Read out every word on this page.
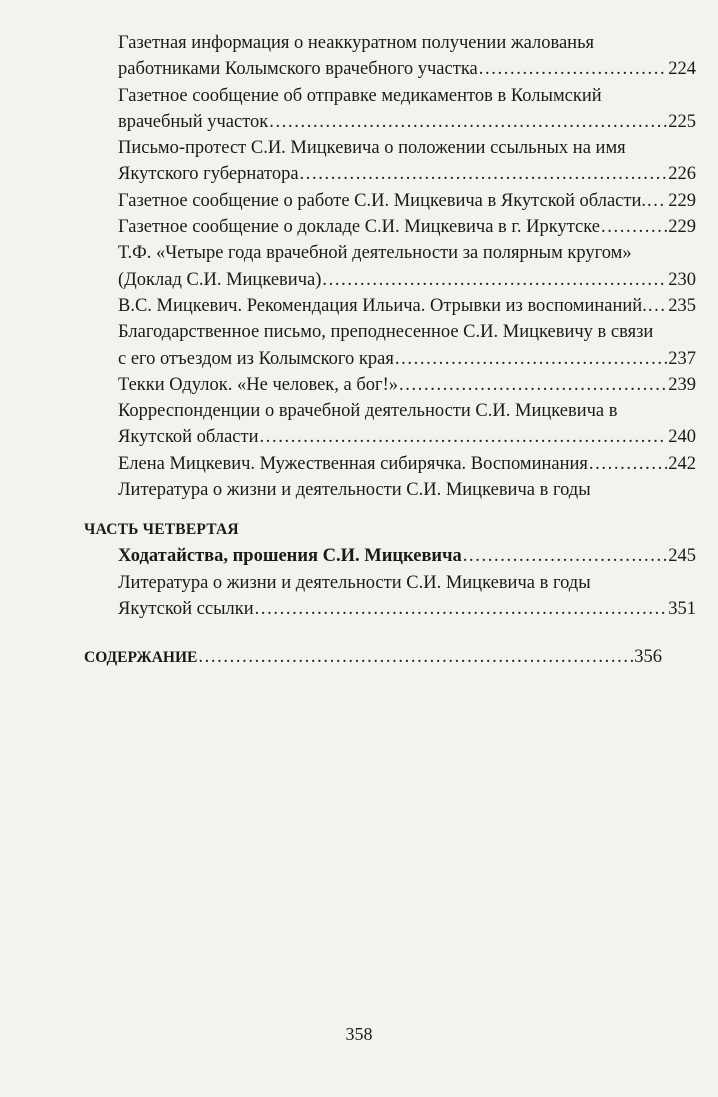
Газетная информация о неаккуратном получении жалованья
работниками Колымского врачебного участка . . .	224
Газетное сообщение об отправке медикаментов в Колымский
врачебный участок . . .	225
Письмо-протест С.И. Мицкевича о положении ссыльных на имя
Якутского губернатора . . .	226
Газетное сообщение о работе С.И. Мицкевича в Якутской области. . . . 229
Газетное сообщение о докладе С.И. Мицкевича в г. Иркутске . . .	229
Т.Ф. «Четыре года врачебной деятельности за полярным кругом»
(Доклад С.И. Мицкевича) . . .	230
В.С. Мицкевич. Рекомендация Ильича. Отрывки из воспоминаний. . . . 235
Благодарственное письмо, преподнесенное С.И. Мицкевичу в связи
с его отъездом из Колымского края . . .	237
Текки Одулок. «Не человек, а бог!» . . .	239
Корреспонденции о врачебной деятельности С.И. Мицкевича в
Якутской области . . .	240
Елена Мицкевич. Мужественная сибирячка. Воспоминания . . .	242
Литература о жизни и деятельности С.И. Мицкевича в годы
ЧАСТЬ ЧЕТВЕРТАЯ
Ходатайства, прошения С.И. Мицкевича . . .	245
Литература о жизни и деятельности С.И. Мицкевича в годы
Якутской ссылки . . .	351
СОДЕРЖАНИЕ . . .	356
358
